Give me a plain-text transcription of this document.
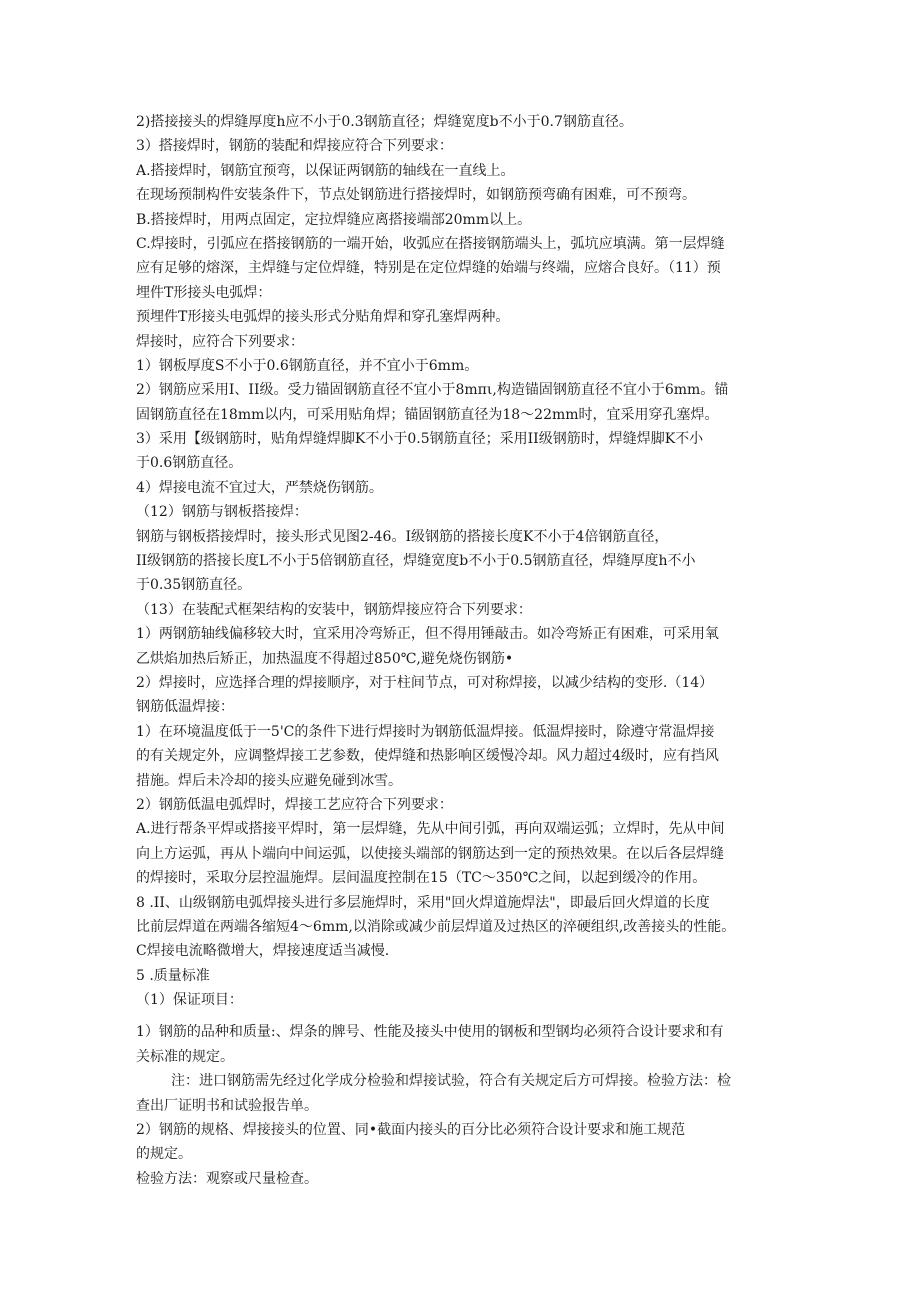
2)搭接接头的焊缝厚度h应不小于0.3钢筋直径；焊缝宽度b不小于0.7钢筋直径。
3）搭接焊时，钢筋的装配和焊接应符合下列要求：
A.搭接焊时，钢筋宜预弯，以保证两钢筋的轴线在一直线上。
在现场预制构件安装条件下，节点处钢筋进行搭接焊时，如钢筋预弯确有困难，可不预弯。
B.搭接焊时，用两点固定，定拉焊缝应离搭接端部20mm以上。
C.焊接时，引弧应在搭接钢筋的一端开始，收弧应在搭接钢筋端头上，弧坑应填满。第一层焊缝
应有足够的熔深，主焊缝与定位焊缝，特别是在定位焊缝的始端与终端，应熔合良好。（11）预
埋件T形接头电弧焊：
预埋件T形接头电弧焊的接头形式分贴角焊和穿孔塞焊两种。
焊接时，应符合下列要求：
1）钢板厚度S不小于0.6钢筋直径，并不宜小于6mm。
2）钢筋应采用I、II级。受力锚固钢筋直径不宜小于8mπι,构造锚固钢筋直径不宜小于6mm。锚
固钢筋直径在18mm以内，可采用贴角焊；锚固钢筋直径为18～22mm时，宜采用穿孔塞焊。
3）采用【级钢筋时，贴角焊缝焊脚K不小于0.5钢筋直径；采用II级钢筋时，焊缝焊脚K不小
于0.6钢筋直径。
4）焊接电流不宜过大，严禁烧伤钢筋。
（12）钢筋与钢板搭接焊：
钢筋与钢板搭接焊时，接头形式见图2-46。I级钢筋的搭接长度K不小于4倍钢筋直径，
II级钢筋的搭接长度L不小于5倍钢筋直径，焊缝宽度b不小于0.5钢筋直径，焊缝厚度h不小
于0.35钢筋直径。
（13）在装配式框架结构的安装中，钢筋焊接应符合下列要求：
1）两钢筋轴线偏移较大时，宜采用冷弯矫正，但不得用锤敲击。如冷弯矫正有困难，可采用氧
乙烘焰加热后矫正，加热温度不得超过850℃,避免烧伤钢筋•
2）焊接时，应选择合理的焊接顺序，对于柱间节点，可对称焊接，以减少结构的变形.（14）
钢筋低温焊接：
1）在环境温度低于一5'C的条件下进行焊接时为钢筋低温焊接。低温焊接时，除遵守常温焊接
的有关规定外，应调整焊接工艺参数，使焊缝和热影响区缓慢冷却。风力超过4级时，应有挡风
措施。焊后未冷却的接头应避免碰到冰雪。
2）钢筋低温电弧焊时，焊接工艺应符合下列要求：
A.进行帮条平焊或搭接平焊时，第一层焊缝，先从中间引弧，再向双端运弧；立焊时，先从中间
向上方运弧，再从卜端向中间运弧，以使接头端部的钢筋达到一定的预热效果。在以后各层焊缝
的焊接时，采取分层控温施焊。层间温度控制在15（TC～350℃之间，以起到缓冷的作用。
8 .II、山级钢筋电弧焊接头进行多层施焊时，采用"回火焊道施焊法"，即最后回火焊道的长度
比前层焊道在两端各缩短4～6mm,以消除或减少前层焊道及过热区的淬硬组织,改善接头的性能。
C焊接电流略微增大，焊接速度适当减慢.
5 .质量标准
（1）保证项目：
1）钢筋的品种和质量:、焊条的牌号、性能及接头中使用的钢板和型钢均必须符合设计要求和有
关标准的规定。
注：进口钢筋需先经过化学成分检验和焊接试验，符合有关规定后方可焊接。检验方法：检
查出厂证明书和试验报告单。
2）钢筋的规格、焊接接头的位置、同•截面内接头的百分比必须符合设计要求和施工规范
的规定。
检验方法：观察或尺量检查。
